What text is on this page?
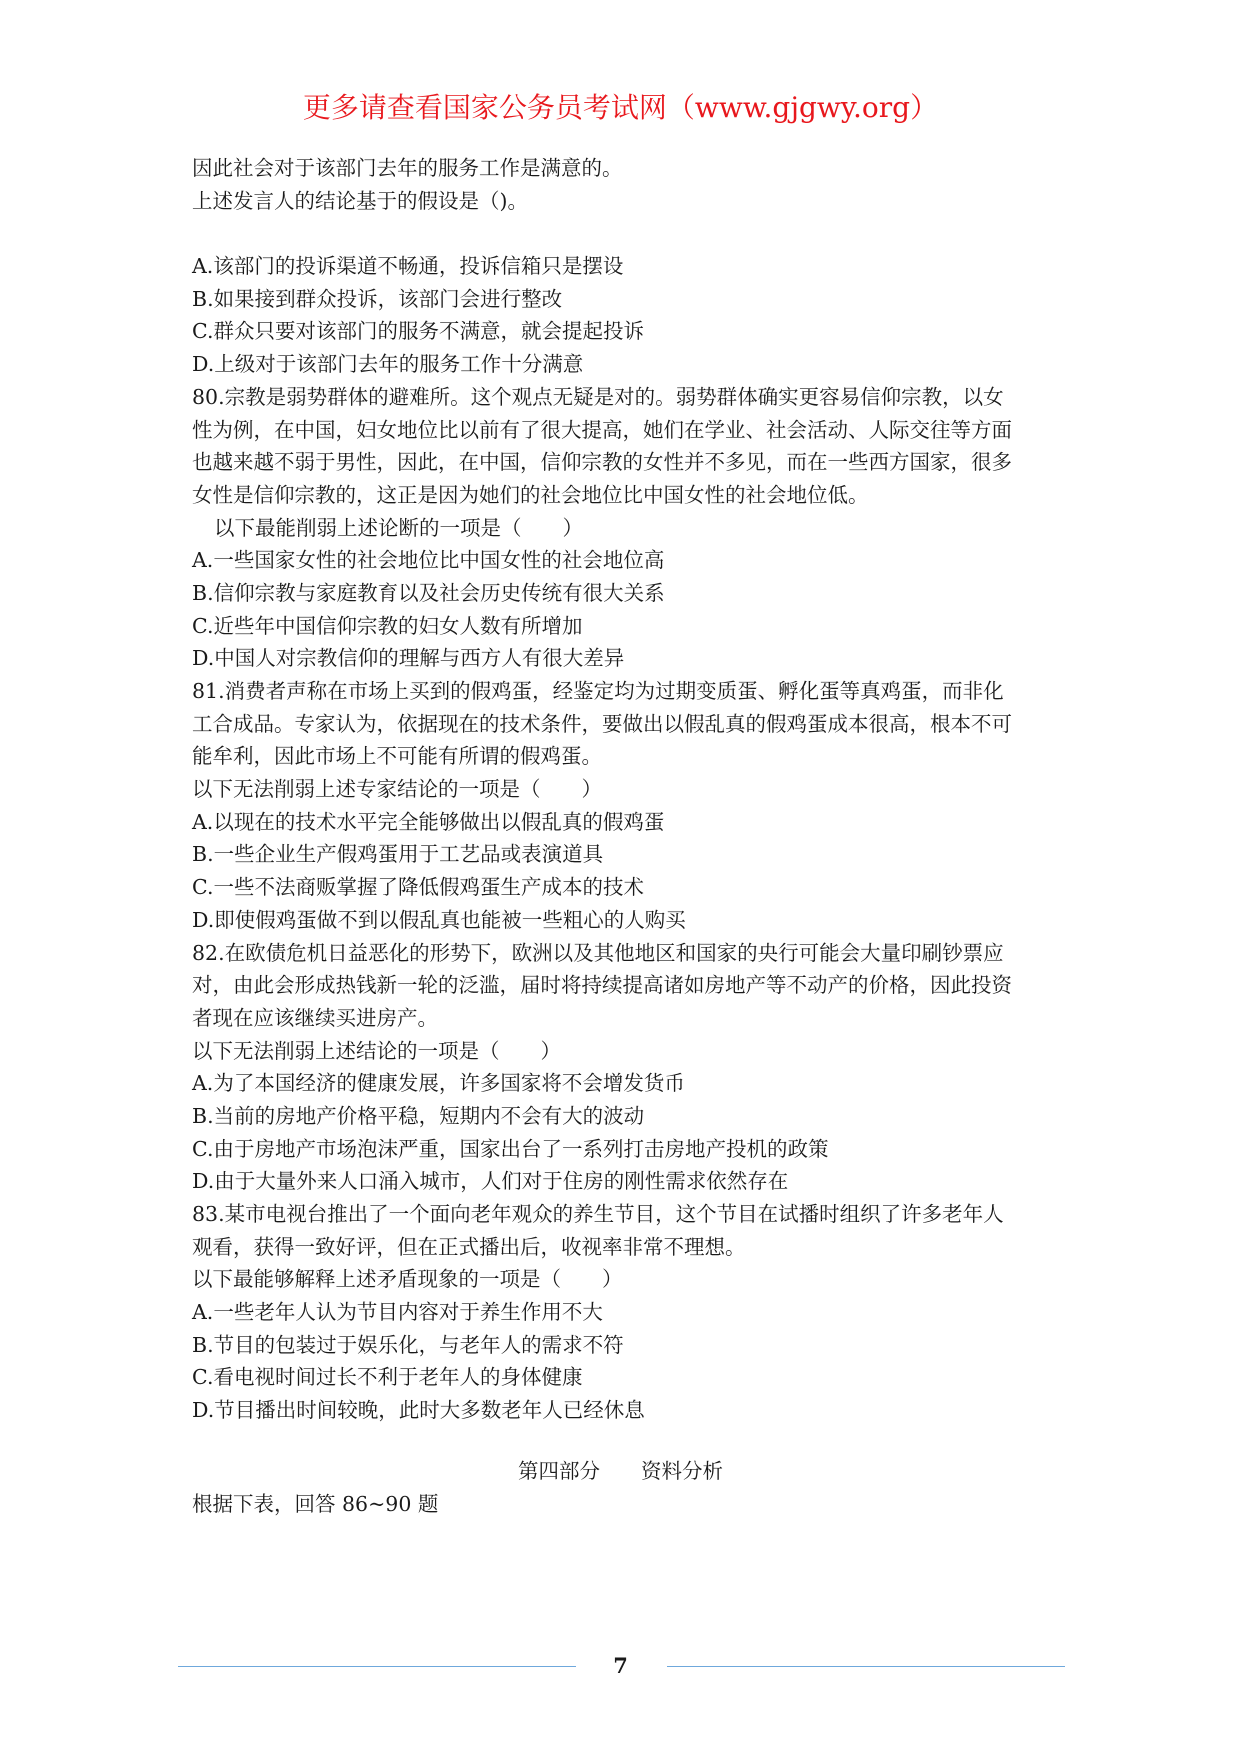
更多请查看国家公务员考试网（www.gjgwy.org）
因此社会对于该部门去年的服务工作是满意的。
上述发言人的结论基于的假设是（)。
A.该部门的投诉渠道不畅通，投诉信箱只是摆设
B.如果接到群众投诉，该部门会进行整改
C.群众只要对该部门的服务不满意，就会提起投诉
D.上级对于该部门去年的服务工作十分满意
80.宗教是弱势群体的避难所。这个观点无疑是对的。弱势群体确实更容易信仰宗教，以女
性为例，在中国，妇女地位比以前有了很大提高，她们在学业、社会活动、人际交往等方面
也越来越不弱于男性，因此，在中国，信仰宗教的女性并不多见，而在一些西方国家，很多
女性是信仰宗教的，这正是因为她们的社会地位比中国女性的社会地位低。
以下最能削弱上述论断的一项是（　　）
A.一些国家女性的社会地位比中国女性的社会地位高
B.信仰宗教与家庭教育以及社会历史传统有很大关系
C.近些年中国信仰宗教的妇女人数有所增加
D.中国人对宗教信仰的理解与西方人有很大差异
81.消费者声称在市场上买到的假鸡蛋，经鉴定均为过期变质蛋、孵化蛋等真鸡蛋，而非化
工合成品。专家认为，依据现在的技术条件，要做出以假乱真的假鸡蛋成本很高，根本不可
能牟利，因此市场上不可能有所谓的假鸡蛋。
以下无法削弱上述专家结论的一项是（　　）
A.以现在的技术水平完全能够做出以假乱真的假鸡蛋
B.一些企业生产假鸡蛋用于工艺品或表演道具
C.一些不法商贩掌握了降低假鸡蛋生产成本的技术
D.即使假鸡蛋做不到以假乱真也能被一些粗心的人购买
82.在欧债危机日益恶化的形势下，欧洲以及其他地区和国家的央行可能会大量印刷钞票应
对，由此会形成热钱新一轮的泛滥，届时将持续提高诸如房地产等不动产的价格，因此投资
者现在应该继续买进房产。
以下无法削弱上述结论的一项是（　　）
A.为了本国经济的健康发展，许多国家将不会增发货币
B.当前的房地产价格平稳，短期内不会有大的波动
C.由于房地产市场泡沫严重，国家出台了一系列打击房地产投机的政策
D.由于大量外来人口涌入城市，人们对于住房的刚性需求依然存在
83.某市电视台推出了一个面向老年观众的养生节目，这个节目在试播时组织了许多老年人
观看，获得一致好评，但在正式播出后，收视率非常不理想。
以下最能够解释上述矛盾现象的一项是（　　）
A.一些老年人认为节目内容对于养生作用不大
B.节目的包装过于娱乐化，与老年人的需求不符
C.看电视时间过长不利于老年人的身体健康
D.节目播出时间较晚，此时大多数老年人已经休息
第四部分　　资料分析
根据下表，回答 86~90 题
7
